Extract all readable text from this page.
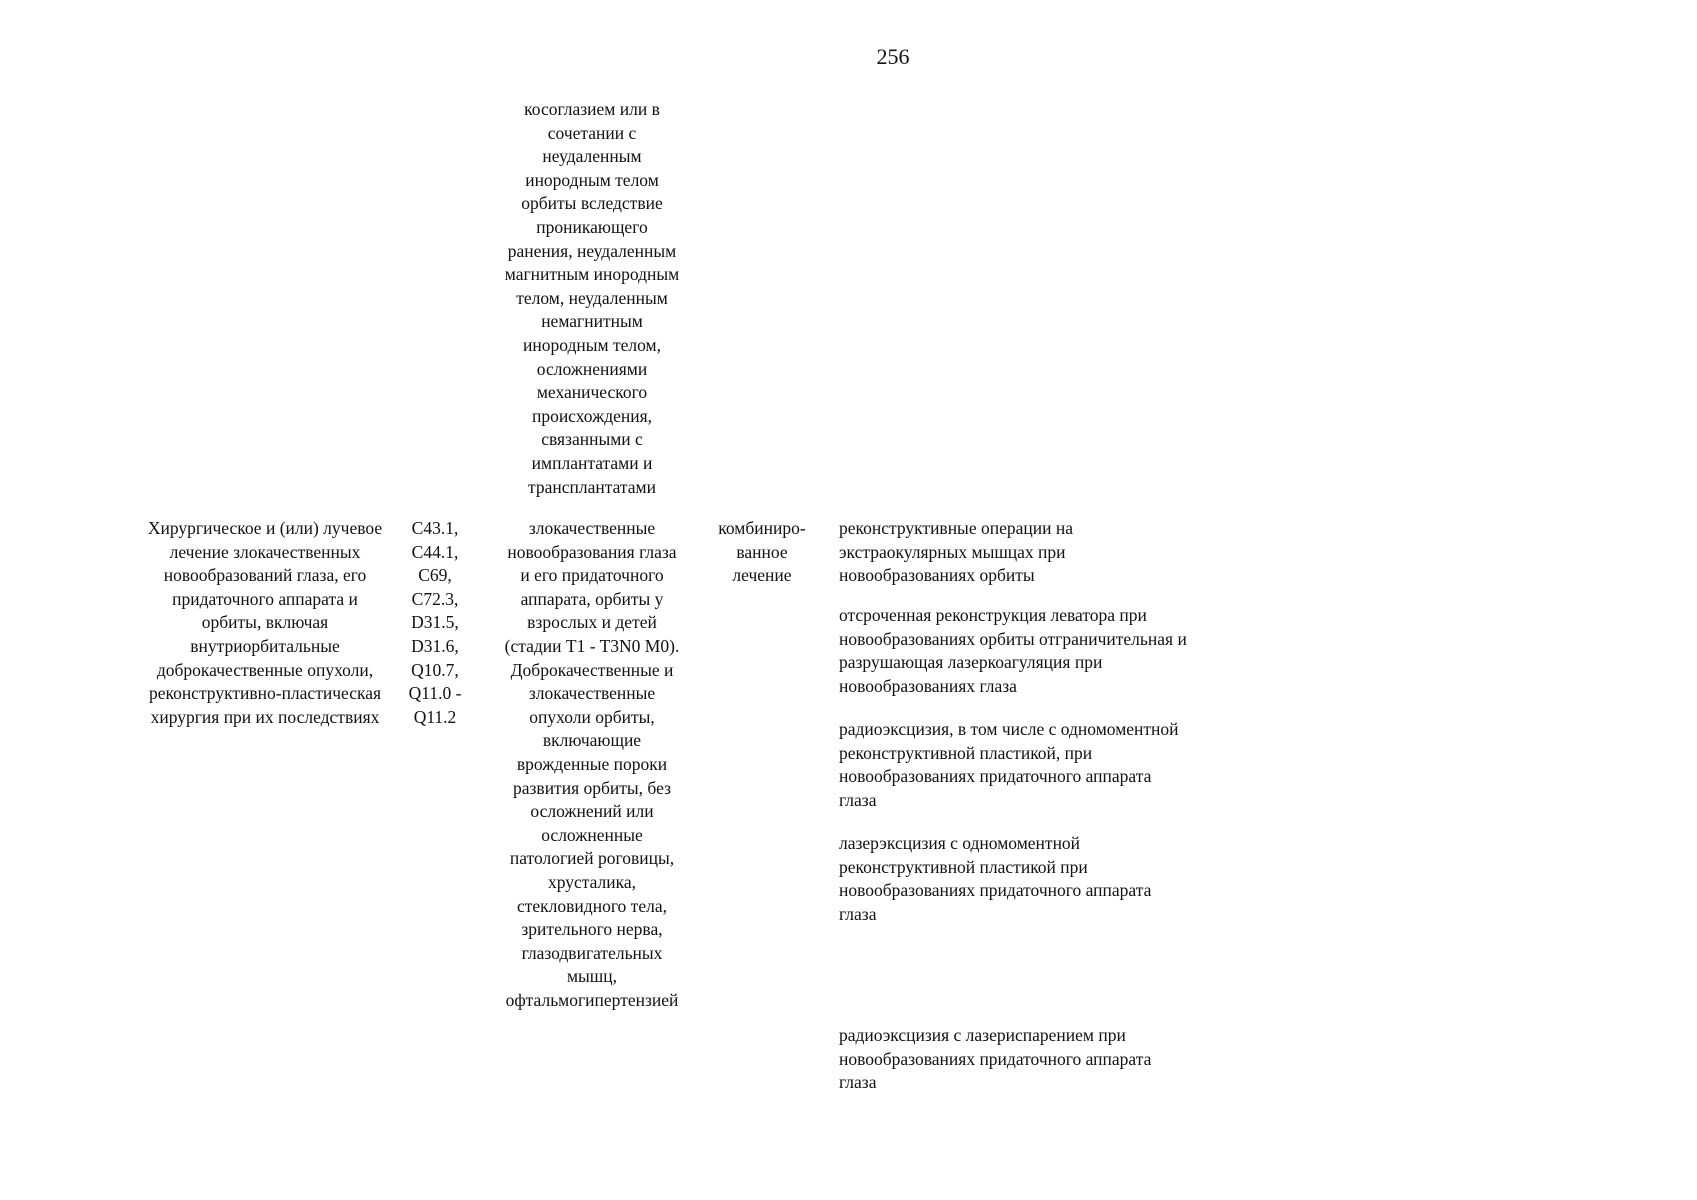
256
косоглазием или в
сочетании с
неудаленным
инородным телом
орбиты вследствие
проникающего
ранения, неудаленным
магнитным инородным
телом, неудаленным
немагнитным
инородным телом,
осложнениями
механического
происхождения,
связанными с
имплантатами и
трансплантатами
Хирургическое и (или) лучевое
лечение злокачественных
новообразований глаза, его
придаточного аппарата и
орбиты, включая
внутриорбитальные
доброкачественные опухоли,
реконструктивно-пластическая
хирургия при их последствиях
C43.1,
C44.1,
C69,
C72.3,
D31.5,
D31.6,
Q10.7,
Q11.0 -
Q11.2
злокачественные
новообразования глаза
и его придаточного
аппарата, орбиты у
взрослых и детей
(стадии T1 - T3N0 M0).
Доброкачественные и
злокачественные
опухоли орбиты,
включающие
врожденные пороки
развития орбиты, без
осложнений или
осложненные
патологией роговицы,
хрусталика,
стекловидного тела,
зрительного нерва,
глазодвигательных
мышц,
офтальмогипертензией
комбиниро-
ванное
лечение
реконструктивные операции на
экстраокулярных мышцах при
новообразованиях орбиты
отсроченная реконструкция леватора при
новообразованиях орбиты отграничительная и
разрушающая лазеркоагуляция при
новообразованиях глаза
радиоэксцизия, в том числе с одномоментной
реконструктивной пластикой, при
новообразованиях придаточного аппарата
глаза
лазерэксцизия с одномоментной
реконструктивной пластикой при
новообразованиях придаточного аппарата
глаза
радиоэксцизия с лазериспарением при
новообразованиях придаточного аппарата
глаза
